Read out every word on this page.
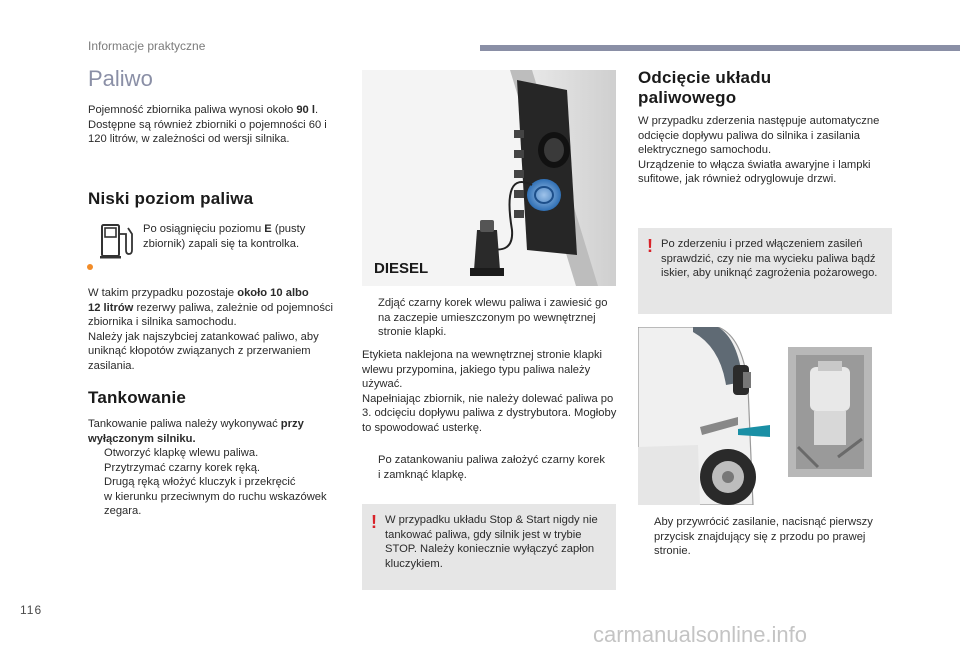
Informacje praktyczne
Paliwo
Pojemność zbiornika paliwa wynosi około 90 l.
Dostępne są również zbiorniki o pojemności 60 i
120 litrów, w zależności od wersji silnika.
Niski poziom paliwa
Po osiągnięciu poziomu E (pusty
zbiornik) zapali się ta kontrolka.
W takim przypadku pozostaje około 10 albo
12 litrów rezerwy paliwa, zależnie od pojemności
zbiornika i silnika samochodu.
Należy jak najszybciej zatankować paliwo, aby
uniknąć kłopotów związanych z przerwaniem
zasilania.
Tankowanie
Tankowanie paliwa należy wykonywać przy
wyłączonym silniku.
Otworzyć klapkę wlewu paliwa.
Przytrzymać czarny korek ręką.
Drugą ręką włożyć kluczyk i przekręcić
w kierunku przeciwnym do ruchu wskazówek
zegara.
DIESEL
Zdjąć czarny korek wlewu paliwa i zawiesić go
na zaczepie umieszczonym po wewnętrznej
stronie klapki.
Etykieta naklejona na wewnętrznej stronie klapki
wlewu przypomina, jakiego typu paliwa należy
używać.
Napełniając zbiornik, nie należy dolewać paliwa po
3. odcięciu dopływu paliwa z dystrybutora. Mogłoby
to spowodować usterkę.
Po zatankowaniu paliwa założyć czarny korek
i zamknąć klapkę.
! W przypadku układu Stop & Start nigdy nie
tankować paliwa, gdy silnik jest w trybie
STOP. Należy koniecznie wyłączyć zapłon
kluczykiem.
Odcięcie układu
paliwowego
W przypadku zderzenia następuje automatyczne
odcięcie dopływu paliwa do silnika i zasilania
elektrycznego samochodu.
Urządzenie to włącza światła awaryjne i lampki
sufitowe, jak również odryglowuje drzwi.
! Po zderzeniu i przed włączeniem zasileń
sprawdzić, czy nie ma wycieku paliwa bądź
iskier, aby uniknąć zagrożenia pożarowego.
Aby przywrócić zasilanie, nacisnąć pierwszy
przycisk znajdujący się z przodu po prawej
stronie.
116
carmanualsonline.info
